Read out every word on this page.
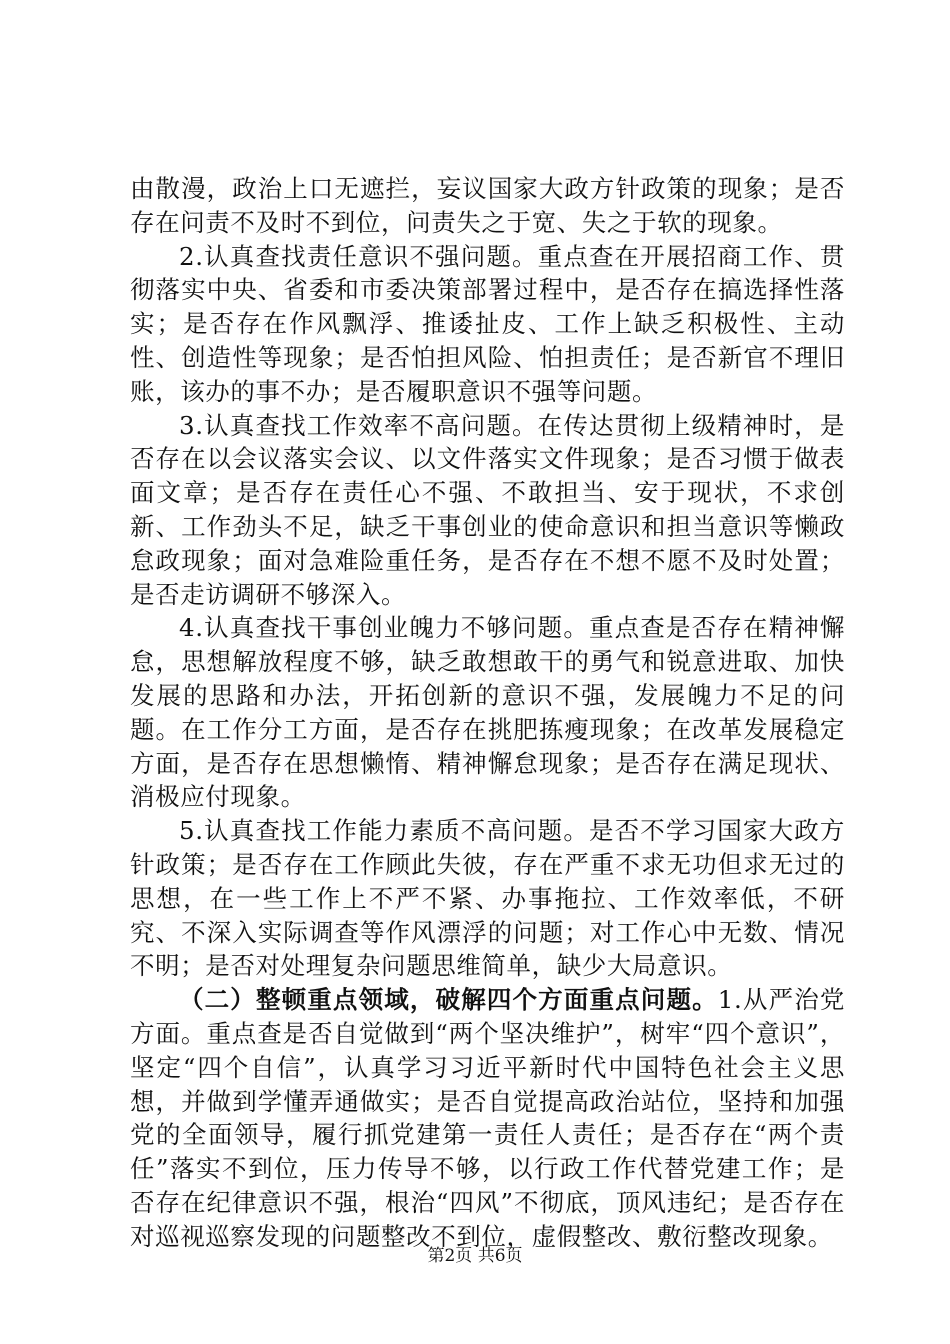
由散漫，政治上口无遮拦，妄议国家大政方针政策的现象；是否存在问责不及时不到位，问责失之于宽、失之于软的现象。

2.认真查找责任意识不强问题。重点查在开展招商工作、贯彻落实中央、省委和市委决策部署过程中，是否存在搞选择性落实；是否存在作风飘浮、推诿扯皮、工作上缺乏积极性、主动性、创造性等现象；是否怕担风险、怕担责任；是否新官不理旧账，该办的事不办；是否履职意识不强等问题。

3.认真查找工作效率不高问题。在传达贯彻上级精神时，是否存在以会议落实会议、以文件落实文件现象；是否习惯于做表面文章；是否存在责任心不强、不敢担当、安于现状，不求创新、工作劲头不足，缺乏干事创业的使命意识和担当意识等懒政怠政现象；面对急难险重任务，是否存在不想不愿不及时处置；是否走访调研不够深入。

4.认真查找干事创业魄力不够问题。重点查是否存在精神懈怠，思想解放程度不够，缺乏敢想敢干的勇气和锐意进取、加快发展的思路和办法，开拓创新的意识不强，发展魄力不足的问题。在工作分工方面，是否存在挑肥拣瘦现象；在改革发展稳定方面，是否存在思想懒惰、精神懈怠现象；是否存在满足现状、消极应付现象。

5.认真查找工作能力素质不高问题。是否不学习国家大政方针政策；是否存在工作顾此失彼，存在严重不求无功但求无过的思想，在一些工作上不严不紧、办事拖拉、工作效率低，不研究、不深入实际调查等作风漂浮的问题；对工作心中无数、情况不明；是否对处理复杂问题思维简单，缺少大局意识。

（二）整顿重点领域，破解四个方面重点问题。1.从严治党方面。重点查是否自觉做到“两个坚决维护”，树牢“四个意识”，坚定“四个自信”，认真学习习近平新时代中国特色社会主义思想，并做到学懂弄通做实；是否自觉提高政治站位，坚持和加强党的全面领导，履行抓党建第一责任人责任；是否存在“两个责任”落实不到位，压力传导不够，以行政工作代替党建工作；是否存在纪律意识不强，根治“四风”不彻底，顶风违纪；是否存在对巡视巡察发现的问题整改不到位，虚假整改、敷衍整改现象。

第2页 共6页
